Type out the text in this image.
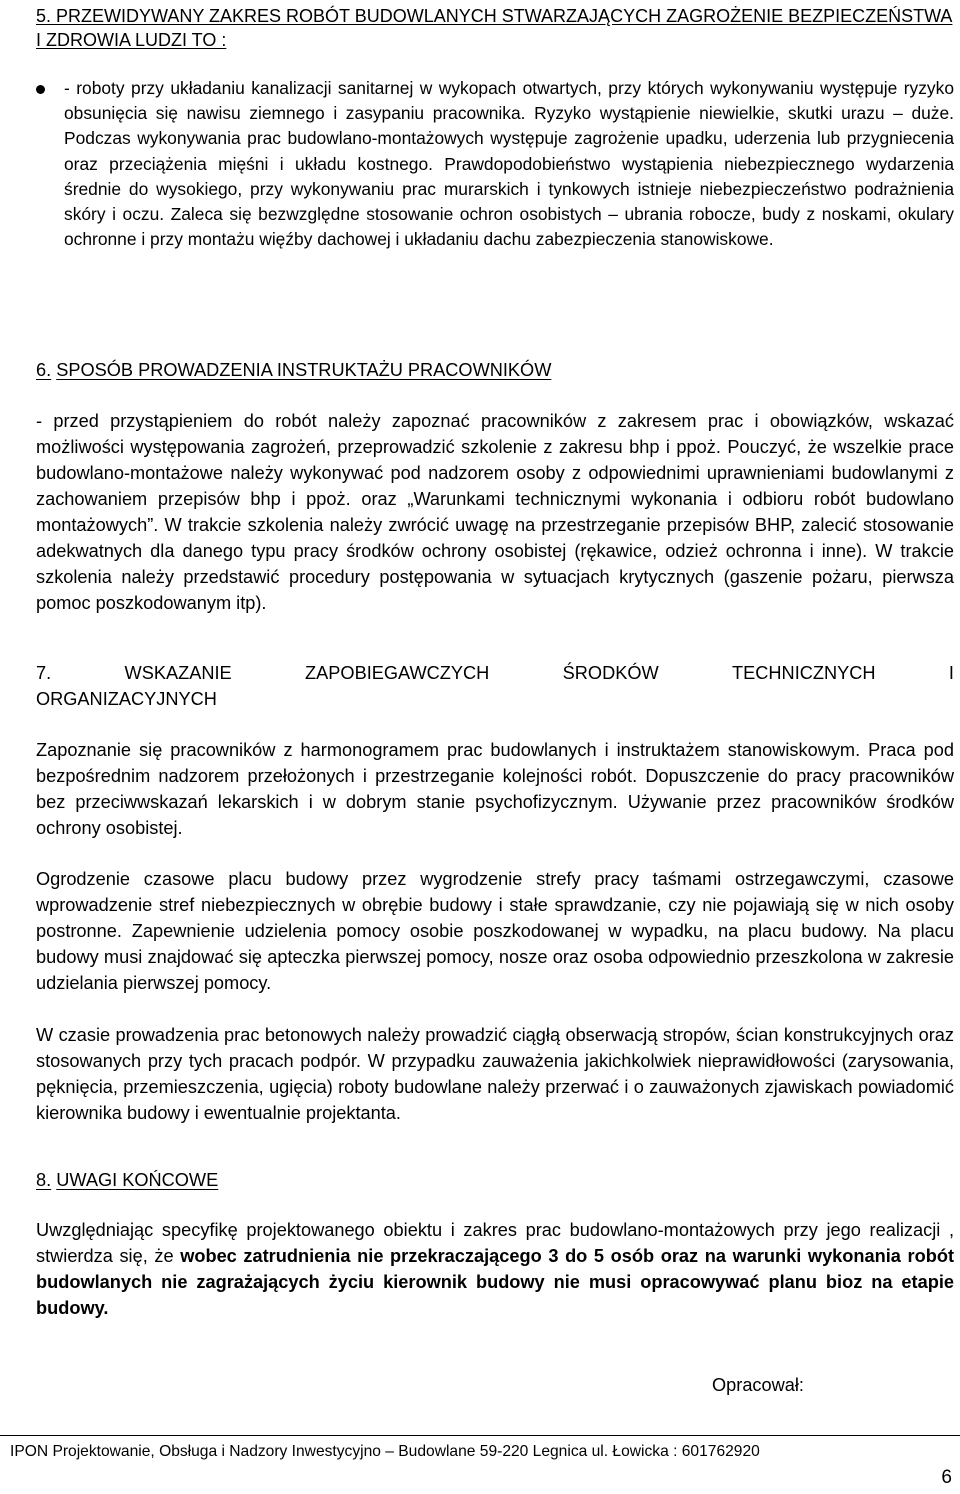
5. PRZEWIDYWANY ZAKRES ROBÓT BUDOWLANYCH STWARZAJĄCYCH ZAGROŻENIE BEZPIECZEŃSTWA I ZDROWIA LUDZI TO :
- roboty przy układaniu kanalizacji sanitarnej w wykopach otwartych, przy których wykonywaniu występuje ryzyko obsunięcia się nawisu ziemnego i zasypaniu pracownika. Ryzyko wystąpienie niewielkie, skutki urazu – duże. Podczas wykonywania prac budowlano-montażowych występuje zagrożenie upadku, uderzenia lub przygniecenia oraz przeciążenia mięśni i układu kostnego. Prawdopodobieństwo wystąpienia niebezpiecznego wydarzenia średnie do wysokiego, przy wykonywaniu prac murarskich i tynkowych istnieje niebezpieczeństwo podrażnienia skóry i oczu. Zaleca się bezwzględne stosowanie ochron osobistych – ubrania robocze, budy z noskami, okulary ochronne i przy montażu więźby dachowej i układaniu dachu zabezpieczenia stanowiskowe.
6. SPOSÓB PROWADZENIA INSTRUKTAŻU PRACOWNIKÓW
- przed przystąpieniem do robót należy zapoznać pracowników z zakresem prac i obowiązków, wskazać możliwości występowania zagrożeń, przeprowadzić szkolenie z zakresu bhp i ppoż. Pouczyć, że wszelkie prace budowlano-montażowe należy wykonywać pod nadzorem osoby z odpowiednimi uprawnieniami budowlanymi z zachowaniem przepisów bhp i ppoż. oraz „Warunkami technicznymi wykonania i odbioru robót budowlano montażowych”. W trakcie szkolenia należy zwrócić uwagę na przestrzeganie przepisów BHP, zalecić stosowanie adekwatnych dla danego typu pracy środków ochrony osobistej (rękawice, odzież ochronna i inne). W trakcie szkolenia należy przedstawić procedury postępowania w sytuacjach krytycznych (gaszenie pożaru, pierwsza pomoc poszkodowanym itp).
7.	WSKAZANIE	ZAPOBIEGAWCZYCH	ŚRODKÓW	TECHNICZNYCH	I
ORGANIZACYJNYCH
Zapoznanie się pracowników z harmonogramem prac budowlanych i instruktażem stanowiskowym. Praca pod bezpośrednim nadzorem przełożonych i przestrzeganie kolejności robót. Dopuszczenie do pracy pracowników bez przeciwwskazań lekarskich i w dobrym stanie psychofizycznym. Używanie przez pracowników środków ochrony osobistej.
Ogrodzenie czasowe placu budowy przez wygrodzenie strefy pracy taśmami ostrzegawczymi, czasowe wprowadzenie stref niebezpiecznych w obrębie budowy i stałe sprawdzanie, czy nie pojawiają się w nich osoby postronne. Zapewnienie udzielenia pomocy osobie poszkodowanej w wypadku, na placu budowy. Na placu budowy musi znajdować się apteczka pierwszej pomocy, nosze oraz osoba odpowiednio przeszkolona w zakresie udzielania pierwszej pomocy.
W czasie prowadzenia prac betonowych należy prowadzić ciągłą obserwacją stropów, ścian konstrukcyjnych oraz stosowanych przy tych pracach podpór. W przypadku zauważenia jakichkolwiek nieprawidłowości (zarysowania, pęknięcia, przemieszczenia, ugięcia) roboty budowlane należy przerwać i o zauważonych zjawiskach powiadomić kierownika budowy i ewentualnie projektanta.
8. UWAGI KOŃCOWE
Uwzględniając specyfikę projektowanego obiektu i zakres prac budowlano-montażowych przy jego realizacji , stwierdza się, że wobec zatrudnienia nie przekraczającego 3 do 5 osób oraz na warunki wykonania robót budowlanych nie zagrażających życiu kierownik budowy nie musi opracowywać planu bioz na etapie budowy.
Opracował:
IPON Projektowanie, Obsługa i Nadzory Inwestycyjno – Budowlane 59-220 Legnica ul. Łowicka : 601762920
6
